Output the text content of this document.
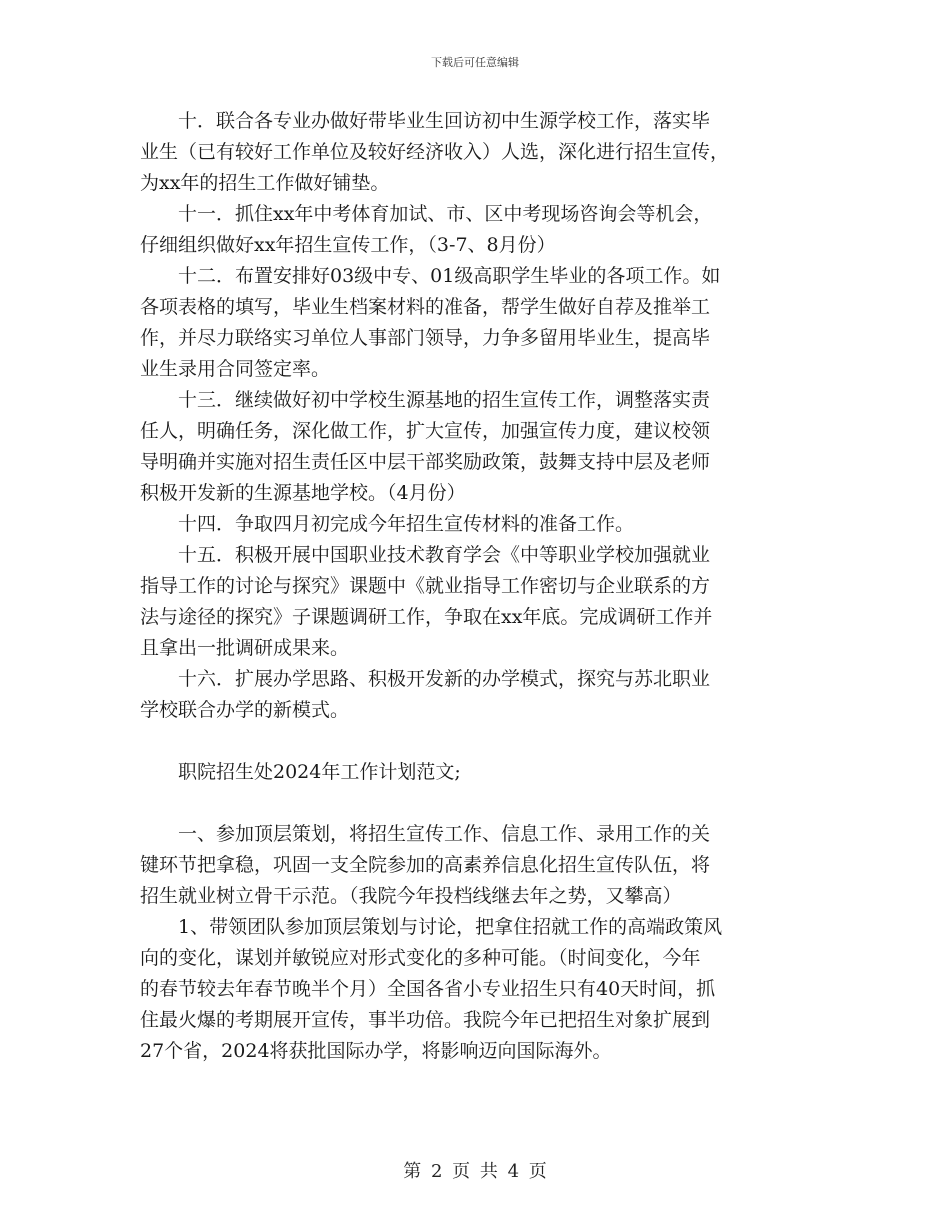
下载后可任意编辑

十．联合各专业办做好带毕业生回访初中生源学校工作，落实毕
业生（已有较好工作单位及较好经济收入）人选，深化进行招生宣传，
为xx年的招生工作做好铺垫。

十一．抓住xx年中考体育加试、市、区中考现场咨询会等机会，
仔细组织做好xx年招生宣传工作，（3-7、8月份）

十二．布置安排好03级中专、01级高职学生毕业的各项工作。如
各项表格的填写，毕业生档案材料的准备，帮学生做好自荐及推举工
作，并尽力联络实习单位人事部门领导，力争多留用毕业生，提高毕
业生录用合同签定率。

十三．继续做好初中学校生源基地的招生宣传工作，调整落实责
任人，明确任务，深化做工作，扩大宣传，加强宣传力度，建议校领
导明确并实施对招生责任区中层干部奖励政策，鼓舞支持中层及老师
积极开发新的生源基地学校。（4月份）

十四．争取四月初完成今年招生宣传材料的准备工作。

十五．积极开展中国职业技术教育学会《中等职业学校加强就业
指导工作的讨论与探究》课题中《就业指导工作密切与企业联系的方
法与途径的探究》子课题调研工作，争取在xx年底。完成调研工作并
且拿出一批调研成果来。

十六．扩展办学思路、积极开发新的办学模式，探究与苏北职业
学校联合办学的新模式。

职院招生处2024年工作计划范文;

一、参加顶层策划，将招生宣传工作、信息工作、录用工作的关
键环节把拿稳，巩固一支全院参加的高素养信息化招生宣传队伍，将
招生就业树立骨干示范。（我院今年投档线继去年之势，又攀高）

1、带领团队参加顶层策划与讨论，把拿住招就工作的高端政策风
向的变化，谋划并敏锐应对形式变化的多种可能。（时间变化，今年
的春节较去年春节晚半个月）全国各省小专业招生只有40天时间，抓
住最火爆的考期展开宣传，事半功倍。我院今年已把招生对象扩展到
27个省，2024将获批国际办学，将影响迈向国际海外。

第 2 页 共 4 页
